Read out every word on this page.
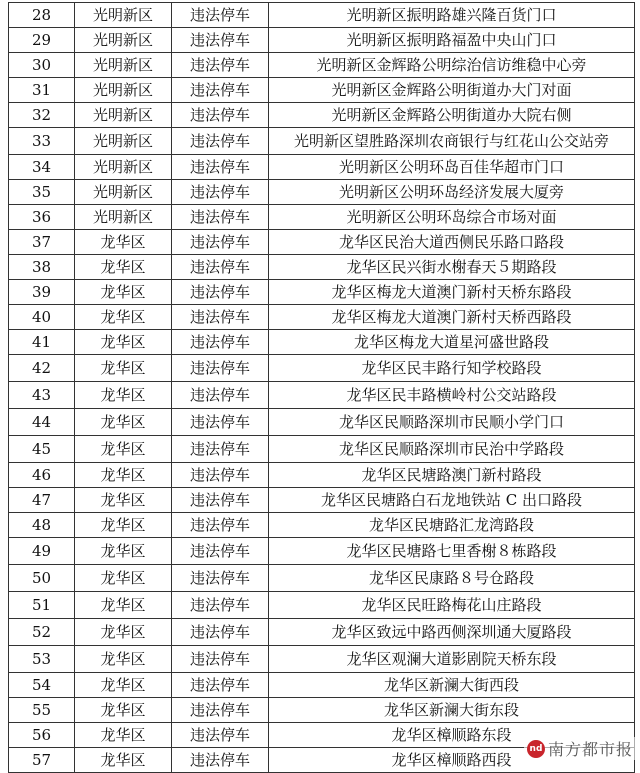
28	光明新区	违法停车	光明新区振明路雄兴隆百货门口
29	光明新区	违法停车	光明新区振明路福盈中央山门口
30	光明新区	违法停车	光明新区金辉路公明综治信访维稳中心旁
31	光明新区	违法停车	光明新区金辉路公明街道办大门对面
32	光明新区	违法停车	光明新区金辉路公明街道办大院右侧
33	光明新区	违法停车	光明新区望胜路深圳农商银行与红花山公交站旁
34	光明新区	违法停车	光明新区公明环岛百佳华超市门口
35	光明新区	违法停车	光明新区公明环岛经济发展大厦旁
36	光明新区	违法停车	光明新区公明环岛综合市场对面
37	龙华区	违法停车	龙华区民治大道西侧民乐路口路段
38	龙华区	违法停车	龙华区民兴街水榭春天５期路段
39	龙华区	违法停车	龙华区梅龙大道澳门新村天桥东路段
40	龙华区	违法停车	龙华区梅龙大道澳门新村天桥西路段
41	龙华区	违法停车	龙华区梅龙大道星河盛世路段
42	龙华区	违法停车	龙华区民丰路行知学校路段
43	龙华区	违法停车	龙华区民丰路横岭村公交站路段
44	龙华区	违法停车	龙华区民顺路深圳市民顺小学门口
45	龙华区	违法停车	龙华区民顺路深圳市民治中学路段
46	龙华区	违法停车	龙华区民塘路澳门新村路段
47	龙华区	违法停车	龙华区民塘路白石龙地铁站 C 出口路段
48	龙华区	违法停车	龙华区民塘路汇龙湾路段
49	龙华区	违法停车	龙华区民塘路七里香榭８栋路段
50	龙华区	违法停车	龙华区民康路８号仓路段
51	龙华区	违法停车	龙华区民旺路梅花山庄路段
52	龙华区	违法停车	龙华区致远中路西侧深圳通大厦路段
53	龙华区	违法停车	龙华区观澜大道影剧院天桥东段
54	龙华区	违法停车	龙华区新澜大街西段
55	龙华区	违法停车	龙华区新澜大街东段
56	龙华区	违法停车	龙华区樟顺路东段
57	龙华区	违法停车	龙华区樟顺路西段
nd 南方都市报
